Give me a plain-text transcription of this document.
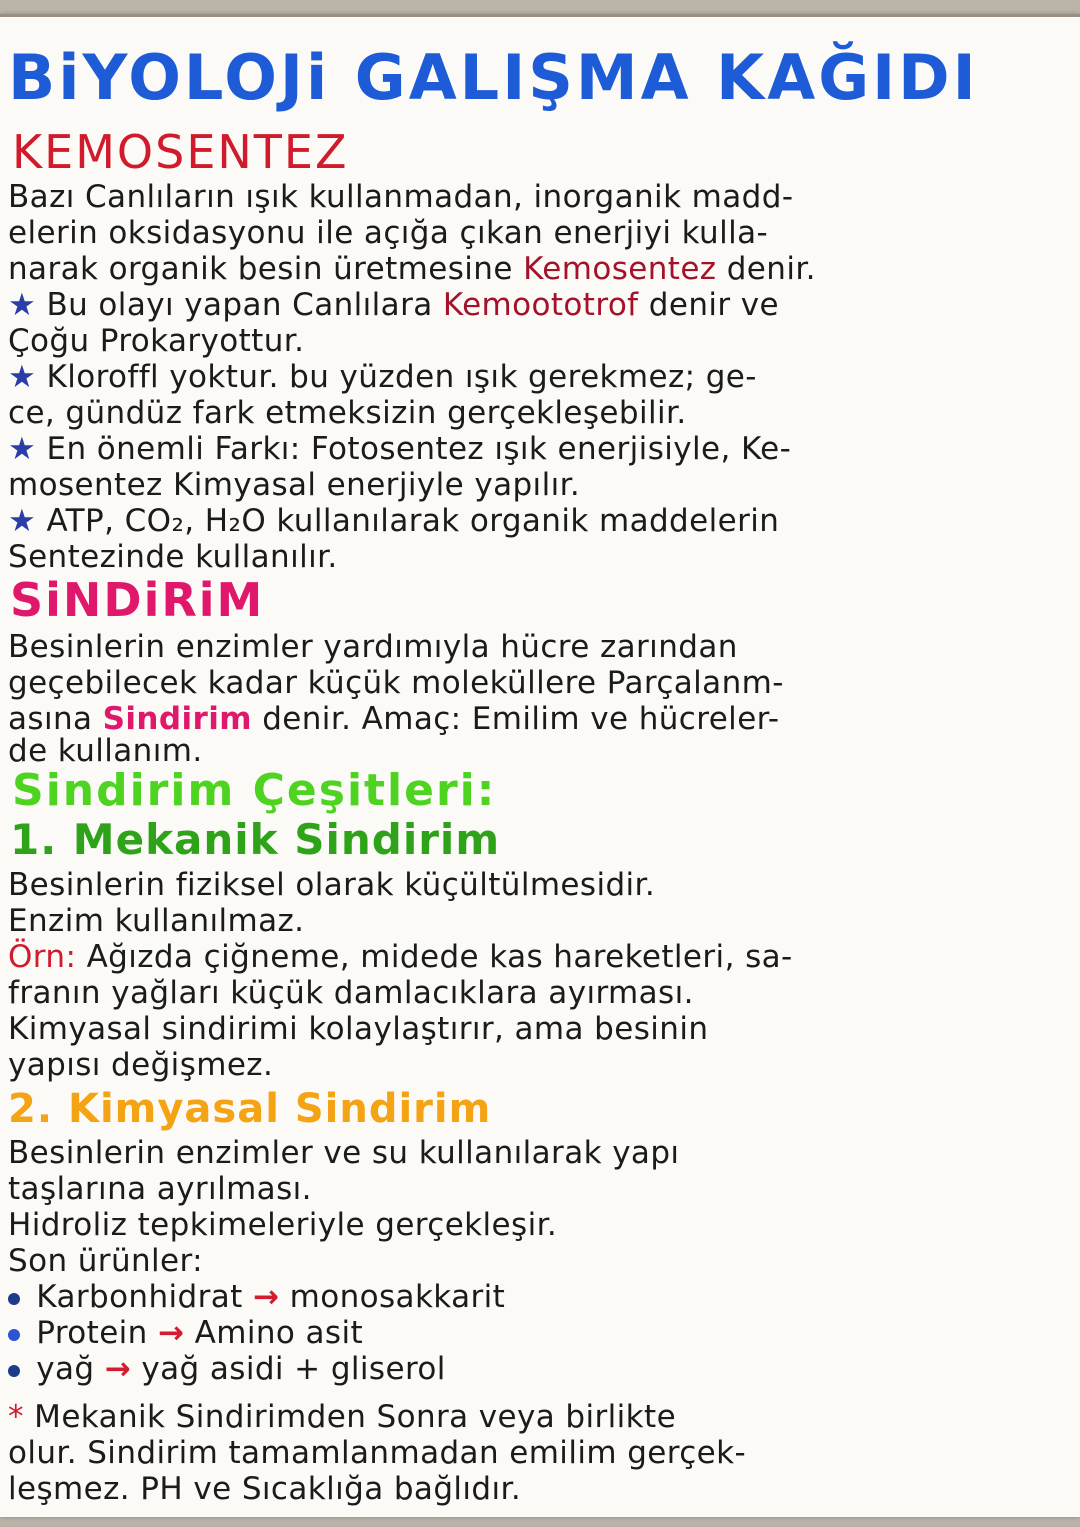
BiYOLOJi GALIŞMA KAĞIDI
KEMOSENTEZ
Bazı Canlıların ışık kullanmadan, inorganik madd-
elerin oksidasyonu ile açığa çıkan enerjiyi kulla-
narak organik besin üretmesine Kemosentez denir.
★ Bu olayı yapan Canlılara Kemoototrof denir ve
Çoğu Prokaryottur.
★ Kloroffl yoktur. bu yüzden ışık gerekmez; ge-
ce, gündüz fark etmeksizin gerçekleşebilir.
★ En önemli Farkı: Fotosentez ışık enerjisiyle, Ke-
mosentez Kimyasal enerjiyle yapılır.
★ ATP, CO₂, H₂O kullanılarak organik maddelerin
Sentezinde kullanılır.
SiNDiRiM
Besinlerin enzimler yardımıyla hücre zarından
geçebilecek kadar küçük moleküllere Parçalanm-
asına Sindirim denir. Amaç: Emilim ve hücreler-
de kullanım.
Sindirim Çeşitleri:
1. Mekanik Sindirim
Besinlerin fiziksel olarak küçültülmesidir.
Enzim kullanılmaz.
Örn: Ağızda çiğneme, midede kas hareketleri, sa-
franın yağları küçük damlacıklara ayırması.
Kimyasal sindirimi kolaylaştırır, ama besinin
yapısı değişmez.
2. Kimyasal Sindirim
Besinlerin enzimler ve su kullanılarak yapı
taşlarına ayrılması.
Hidroliz tepkimeleriyle gerçekleşir.
Son ürünler:
Karbonhidrat → monosakkarit
Protein → Amino asit
yağ → yağ asidi + gliserol
* Mekanik Sindirimden Sonra veya birlikte
olur. Sindirim tamamlanmadan emilim gerçek-
leşmez. PH ve Sıcaklığa bağlıdır.
